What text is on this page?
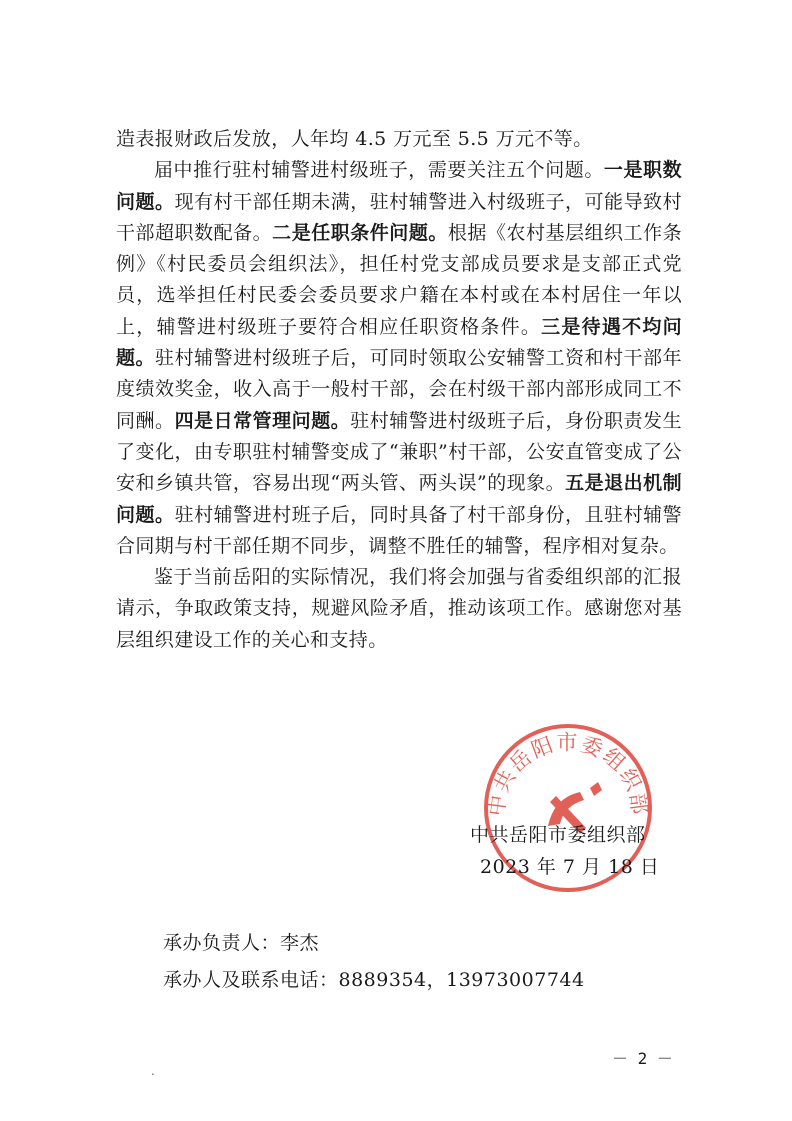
造表报财政后发放，人年均 4.5 万元至 5.5 万元不等。

届中推行驻村辅警进村级班子，需要关注五个问题。一是职数问题。现有村干部任期未满，驻村辅警进入村级班子，可能导致村干部超职数配备。二是任职条件问题。根据《农村基层组织工作条例》《村民委员会组织法》，担任村党支部成员要求是支部正式党员，选举担任村民委会委员要求户籍在本村或在本村居住一年以上，辅警进村级班子要符合相应任职资格条件。三是待遇不均问题。驻村辅警进村级班子后，可同时领取公安辅警工资和村干部年度绩效奖金，收入高于一般村干部，会在村级干部内部形成同工不同酬。四是日常管理问题。驻村辅警进村级班子后，身份职责发生了变化，由专职驻村辅警变成了“兼职”村干部，公安直管变成了公安和乡镇共管，容易出现“两头管、两头误”的现象。五是退出机制问题。驻村辅警进村班子后，同时具备了村干部身份，且驻村辅警合同期与村干部任期不同步，调整不胜任的辅警，程序相对复杂。

鉴于当前岳阳的实际情况，我们将会加强与省委组织部的汇报请示，争取政策支持，规避风险矛盾，推动该项工作。感谢您对基层组织建设工作的关心和支持。

中共岳阳市委组织部
中共岳阳市委组织部
2023 年 7 月 18 日
承办负责人：李杰
承办人及联系电话：8889354，13973007744
.
－ 2 －
